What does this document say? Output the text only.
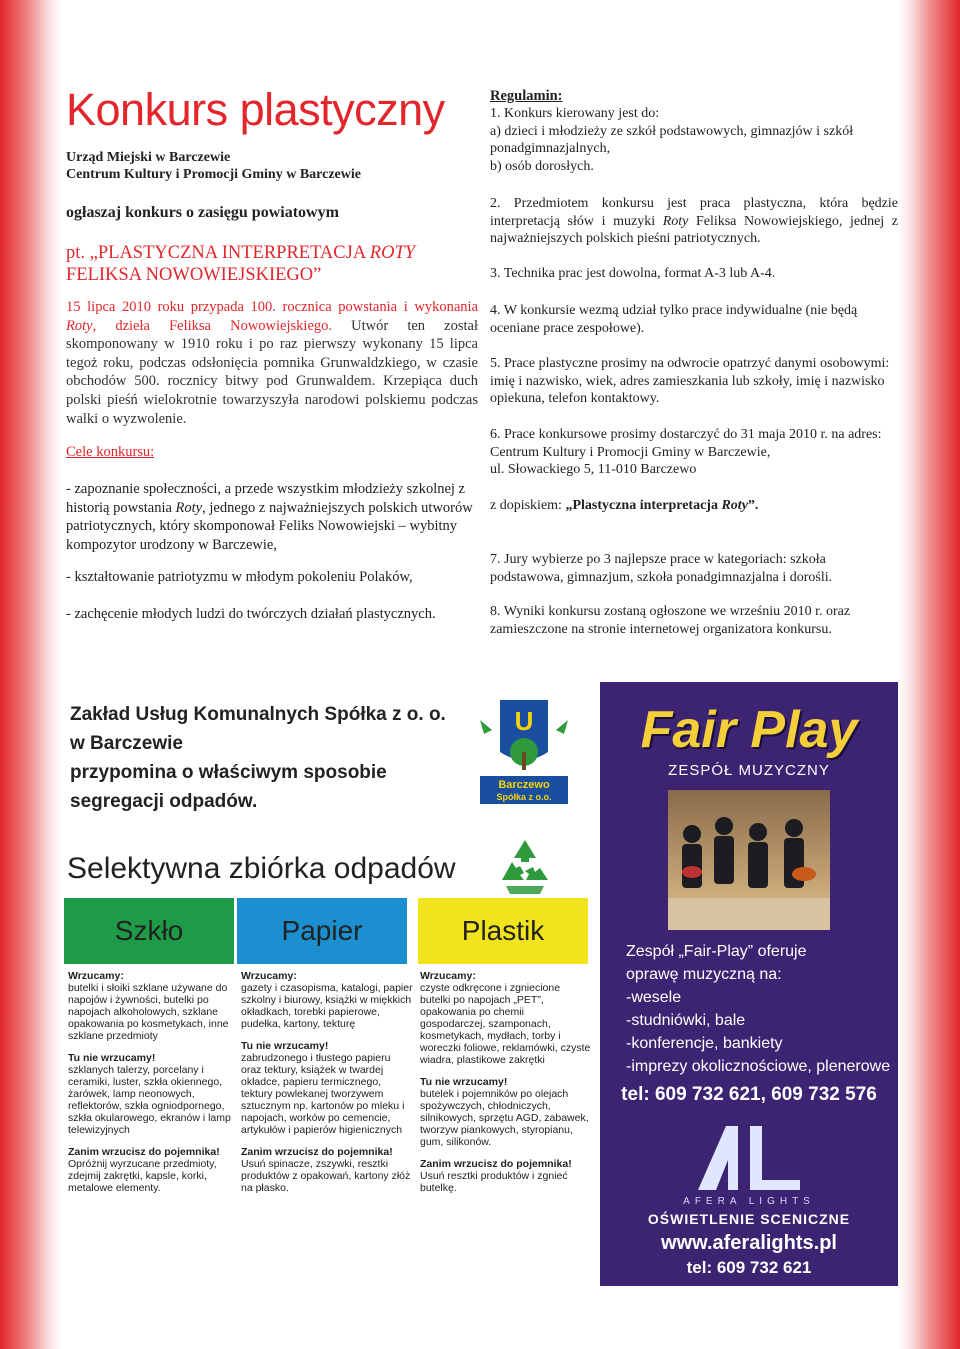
Konkurs plastyczny
Urząd Miejski w Barczewie
Centrum Kultury i Promocji Gminy w Barczewie
ogłaszaj konkurs o zasięgu powiatowym
pt. „PLASTYCZNA INTERPRETACJA ROTY
FELIKSA NOWOWIEJSKIEGO”
15 lipca 2010 roku przypada 100. rocznica powstania i wykonania Roty, dzieła Feliksa Nowowiejskiego. Utwór ten został skomponowany w 1910 roku i po raz pierwszy wykonany 15 lipca tegoż roku, podczas odsłonięcia pomnika Grunwaldzkiego, w czasie obchodów 500. rocznicy bitwy pod Grunwaldem. Krzepiąca duch polski pieśń wielokrotnie towarzyszyła narodowi polskiemu podczas walki o wyzwolenie.
Cele konkursu:
- zapoznanie społeczności, a przede wszystkim młodzieży szkolnej z historią powstania Roty, jednego z najważniejszych polskich utworów patriotycznych, który skomponował Feliks Nowowiejski – wybitny kompozytor urodzony w Barczewie,
- kształtowanie patriotyzmu w młodym pokoleniu Polaków,
- zachęcenie młodych ludzi do twórczych działań plastycznych.
Regulamin:
1. Konkurs kierowany jest do:
a) dzieci i młodzieży ze szkół podstawowych, gimnazjów i szkół ponadgimnazjalnych,
b) osób dorosłych.
2. Przedmiotem konkursu jest praca plastyczna, która będzie interpretacją słów i muzyki Roty Feliksa Nowowiejskiego, jednej z najważniejszych polskich pieśni patriotycznych.
3. Technika prac jest dowolna, format A-3 lub A-4.
4. W konkursie wezmą udział tylko prace indywidualne (nie będą oceniane prace zespołowe).
5. Prace plastyczne prosimy na odwrocie opatrzyć danymi osobowymi: imię i nazwisko, wiek, adres zamieszkania lub szkoły, imię i nazwisko opiekuna, telefon kontaktowy.
6. Prace konkursowe prosimy dostarczyć do 31 maja 2010 r. na adres: Centrum Kultury i Promocji Gminy w Barczewie,
ul. Słowackiego 5, 11-010 Barczewo
z dopiskiem: „Plastyczna interpretacja Roty”.
7. Jury wybierze po 3 najlepsze prace w kategoriach: szkoła podstawowa, gimnazjum, szkoła ponadgimnazjalna i dorośli.
8. Wyniki konkursu zostaną ogłoszone we wrześniu 2010 r. oraz zamieszczone na stronie internetowej organizatora konkursu.
Zakład Usług Komunalnych Spółka z o. o.
w Barczewie
przypomina o właściwym sposobie
segregacji odpadów.
U
Barczewo
Spółka z o.o.
Selektywna zbiórka odpadów
Szkło	Papier	Plastik

Wrzucamy:
butelki i słoiki szklane używane do napojów i żywności, butelki po napojach alkoholowych, szklane opakowania po kosmetykach, inne szklane przedmioty

Tu nie wrzucamy!
szklanych talerzy, porcelany i ceramiki, luster, szkła okiennego, żarówek, lamp neonowych, reflektorów, szkła ogniodpornego, szkła okularowego, ekranów i lamp telewizyjnych

Zanim wrzucisz do pojemnika!
Opróżnij wyrzucane przedmioty, zdejmij zakrętki, kapsle, korki, metalowe elementy.

Wrzucamy:
gazety i czasopisma, katalogi, papier szkolny i biurowy, książki w miękkich okładkach, torebki papierowe, pudełka, kartony, tekturę

Tu nie wrzucamy!
zabrudzonego i tłustego papieru oraz tektury, książek w twardej okładce, papieru termicznego, tektury powlekanej tworzywem sztucznym np. kartonów po mleku i napojach, worków po cemencie, artykułów i papierów higienicznych

Zanim wrzucisz do pojemnika!
Usuń spinacze, zszywki, resztki produktów z opakowań, kartony złóż na płasko.

Wrzucamy:
czyste odkręcone i zgniecione butelki po napojach „PET”, opakowania po chemii gospodarczej, szamponach, kosmetykach, mydłach, torby i woreczki foliowe, reklamówki, czyste wiadra, plastikowe zakrętki

Tu nie wrzucamy!
butelek i pojemników po olejach spożywczych, chłodniczych, silnikowych, sprzętu AGD, zabawek, tworzyw piankowych, styropianu, gum, silikonów.

Zanim wrzucisz do pojemnika!
Usuń resztki produktów i zgnieć butelkę.

Fair Play
ZESPÓŁ MUZYCZNY
Zespół „Fair-Play” oferuje
oprawę muzyczną na:
-wesele
-studniówki, bale
-konferencje, bankiety
-imprezy okolicznościowe, plenerowe
tel: 609 732 621, 609 732 576
AFERA LIGHTS
OŚWIETLENIE SCENICZNE
www.aferalights.pl
tel: 609 732 621
